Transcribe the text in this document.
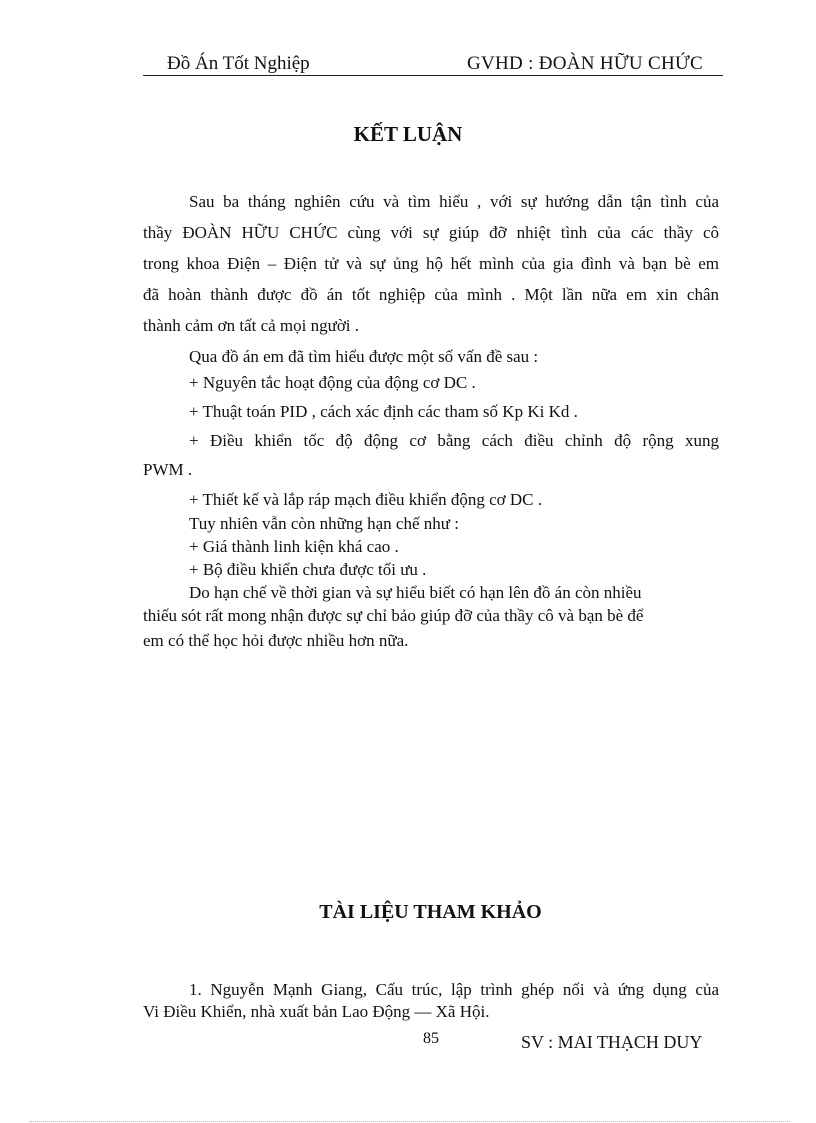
Đồ Án Tốt Nghiệp	GVHD : ĐOÀN HỮU CHỨC
KẾT LUẬN
Sau ba tháng nghiên cứu và tìm hiểu , với sự hướng dẫn tận tình của
thầy ĐOÀN HỮU CHỨC cùng với sự giúp đỡ nhiệt tình của các thầy cô
trong khoa Điện – Điện tử và sự ủng hộ hết mình của gia đình và bạn bè em
đã hoàn thành được đồ án tốt nghiệp của mình . Một lần nữa em xin chân
thành cảm ơn tất cả mọi người .
Qua đồ án em đã tìm hiểu được một số vấn đề sau :
+ Nguyên tắc hoạt động của động cơ DC .
+ Thuật toán PID , cách xác định các tham số Kp Ki Kd .
+ Điều khiển tốc độ động cơ bằng cách điều chỉnh độ rộng xung
PWM .
+ Thiết kế và lắp ráp mạch điều khiển động cơ DC .
Tuy nhiên vẫn còn những hạn chế như :
+ Giá thành linh kiện khá cao .
+ Bộ điều khiển chưa được tối ưu .
Do hạn chế về thời gian và sự hiểu biết có hạn lên đồ án còn nhiều
thiếu sót rất mong nhận được sự chỉ bảo giúp đỡ của thầy cô và bạn bè để
em có thể học hỏi được nhiều hơn nữa.
TÀI LIỆU THAM KHẢO
1. Nguyễn Mạnh Giang, Cấu trúc, lập trình ghép nối và ứng dụng của
Vi Điều Khiển, nhà xuất bản Lao Động — Xã Hội.
85	SV : MAI THẠCH DUY
